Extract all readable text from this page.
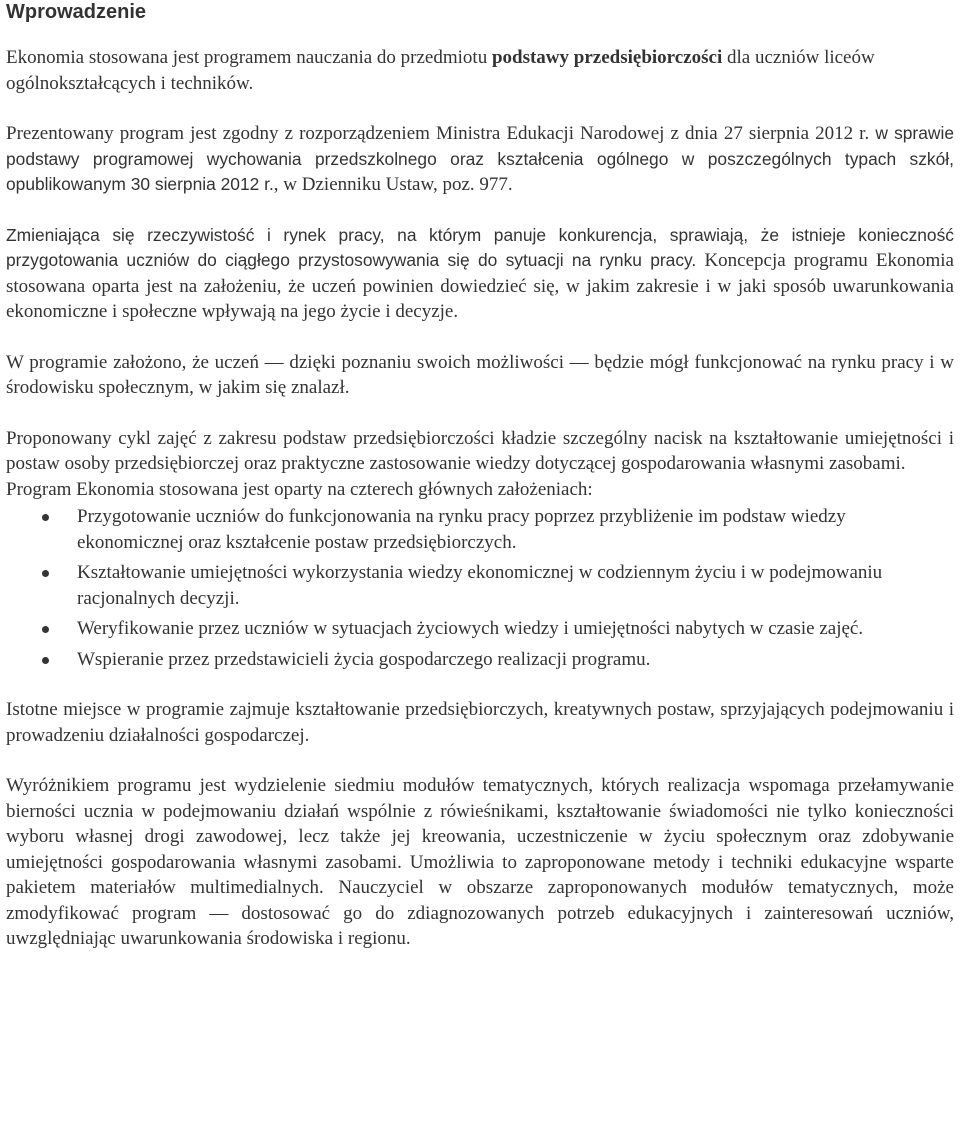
Wprowadzenie

Ekonomia stosowana jest programem nauczania do przedmiotu podstawy przedsiębiorczości dla uczniów liceów ogólnokształcących i techników.

Prezentowany program jest zgodny z rozporządzeniem Ministra Edukacji Narodowej z dnia 27 sierpnia 2012 r. w sprawie podstawy programowej wychowania przedszkolnego oraz kształcenia ogólnego w poszczególnych typach szkół, opublikowanym 30 sierpnia 2012 r., w Dzienniku Ustaw, poz. 977.

Zmieniająca się rzeczywistość i rynek pracy, na którym panuje konkurencja, sprawiają, że istnieje konieczność przygotowania uczniów do ciągłego przystosowywania się do sytuacji na rynku pracy. Koncepcja programu Ekonomia stosowana oparta jest na założeniu, że uczeń powinien dowiedzieć się, w jakim zakresie i w jaki sposób uwarunkowania ekonomiczne i społeczne wpływają na jego życie i decyzje.

W programie założono, że uczeń — dzięki poznaniu swoich możliwości — będzie mógł funkcjonować na rynku pracy i w środowisku społecznym, w jakim się znalazł.

Proponowany cykl zajęć z zakresu podstaw przedsiębiorczości kładzie szczególny nacisk na kształtowanie umiejętności i postaw osoby przedsiębiorczej oraz praktyczne zastosowanie wiedzy dotyczącej gospodarowania własnymi zasobami.

Program Ekonomia stosowana jest oparty na czterech głównych założeniach:

Przygotowanie uczniów do funkcjonowania na rynku pracy poprzez przybliżenie im podstaw wiedzy ekonomicznej oraz kształcenie postaw przedsiębiorczych.
Kształtowanie umiejętności wykorzystania wiedzy ekonomicznej w codziennym życiu i w podejmowaniu racjonalnych decyzji.
Weryfikowanie przez uczniów w sytuacjach życiowych wiedzy i umiejętności nabytych w czasie zajęć.
Wspieranie przez przedstawicieli życia gospodarczego realizacji programu.

Istotne miejsce w programie zajmuje kształtowanie przedsiębiorczych, kreatywnych postaw, sprzyjających podejmowaniu i prowadzeniu działalności gospodarczej.

Wyróżnikiem programu jest wydzielenie siedmiu modułów tematycznych, których realizacja wspomaga przełamywanie bierności ucznia w podejmowaniu działań wspólnie z rówieśnikami, kształtowanie świadomości nie tylko konieczności wyboru własnej drogi zawodowej, lecz także jej kreowania, uczestniczenie w życiu społecznym oraz zdobywanie umiejętności gospodarowania własnymi zasobami. Umożliwia to zaproponowane metody i techniki edukacyjne wsparte pakietem materiałów multimedialnych. Nauczyciel w obszarze zaproponowanych modułów tematycznych, może zmodyfikować program — dostosować go do zdiagnozowanych potrzeb edukacyjnych i zainteresowań uczniów, uwzględniając uwarunkowania środowiska i regionu.
